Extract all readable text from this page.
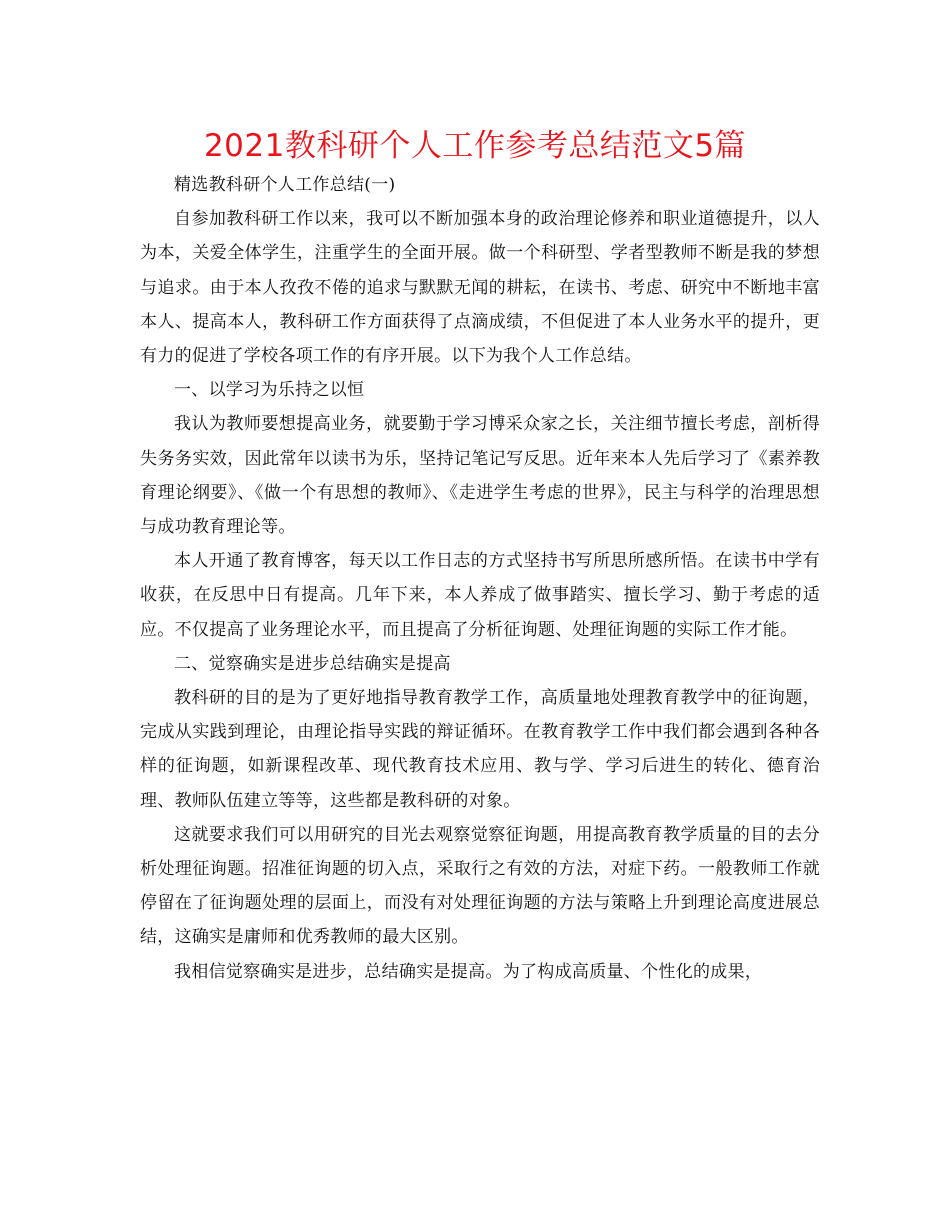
2021教科研个人工作参考总结范文5篇

精选教科研个人工作总结(一)

自参加教科研工作以来，我可以不断加强本身的政治理论修养和职业道德提升，以人为本，关爱全体学生，注重学生的全面开展。做一个科研型、学者型教师不断是我的梦想与追求。由于本人孜孜不倦的追求与默默无闻的耕耘，在读书、考虑、研究中不断地丰富本人、提高本人，教科研工作方面获得了点滴成绩，不但促进了本人业务水平的提升，更有力的促进了学校各项工作的有序开展。以下为我个人工作总结。

一、以学习为乐持之以恒

我认为教师要想提高业务，就要勤于学习博采众家之长，关注细节擅长考虑，剖析得失务务实效，因此常年以读书为乐，坚持记笔记写反思。近年来本人先后学习了《素养教育理论纲要》、《做一个有思想的教师》、《走进学生考虑的世界》，民主与科学的治理思想与成功教育理论等。

本人开通了教育博客，每天以工作日志的方式坚持书写所思所感所悟。在读书中学有收获，在反思中日有提高。几年下来，本人养成了做事踏实、擅长学习、勤于考虑的适应。不仅提高了业务理论水平，而且提高了分析征询题、处理征询题的实际工作才能。

二、觉察确实是进步总结确实是提高

教科研的目的是为了更好地指导教育教学工作，高质量地处理教育教学中的征询题，完成从实践到理论，由理论指导实践的辩证循环。在教育教学工作中我们都会遇到各种各样的征询题，如新课程改革、现代教育技术应用、教与学、学习后进生的转化、德育治理、教师队伍建立等等，这些都是教科研的对象。

这就要求我们可以用研究的目光去观察觉察征询题，用提高教育教学质量的目的去分析处理征询题。招准征询题的切入点，采取行之有效的方法，对症下药。一般教师工作就停留在了征询题处理的层面上，而没有对处理征询题的方法与策略上升到理论高度进展总结，这确实是庸师和优秀教师的最大区别。

我相信觉察确实是进步，总结确实是提高。为了构成高质量、个性化的成果，
